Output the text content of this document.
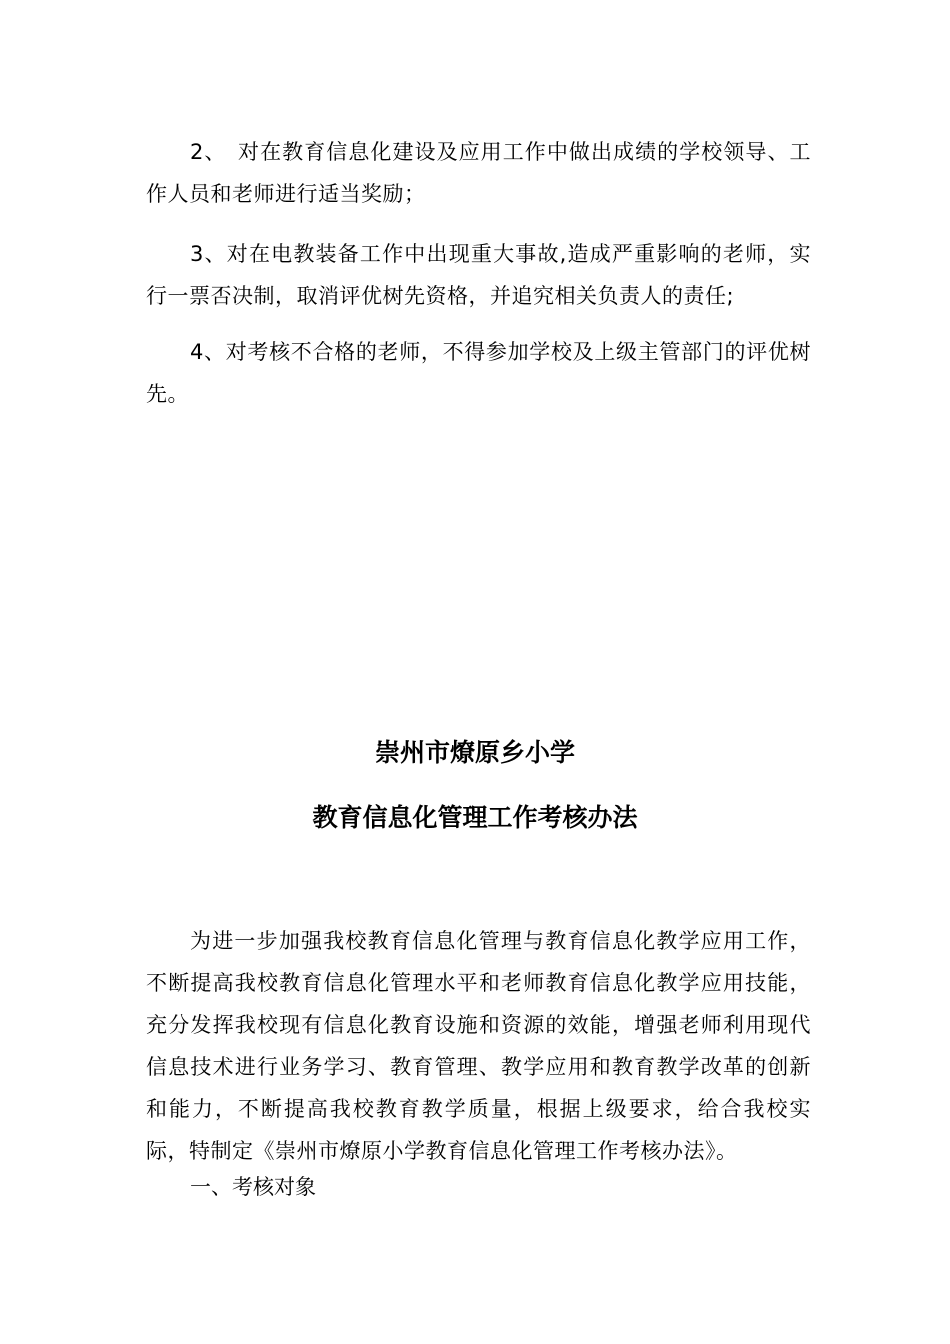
2、　对在教育信息化建设及应用工作中做出成绩的学校领导、工作人员和老师进行适当奖励；

3、对在电教装备工作中出现重大事故,造成严重影响的老师，实行一票否决制，取消评优树先资格，并追究相关负责人的责任;

4、对考核不合格的老师，不得参加学校及上级主管部门的评优树先。

崇州市燎原乡小学
教育信息化管理工作考核办法

为进一步加强我校教育信息化管理与教育信息化教学应用工作，不断提高我校教育信息化管理水平和老师教育信息化教学应用技能，充分发挥我校现有信息化教育设施和资源的效能，增强老师利用现代信息技术进行业务学习、教育管理、教学应用和教育教学改革的创新和能力，不断提高我校教育教学质量，根据上级要求，给合我校实际，特制定《崇州市燎原小学教育信息化管理工作考核办法》。

一、考核对象
